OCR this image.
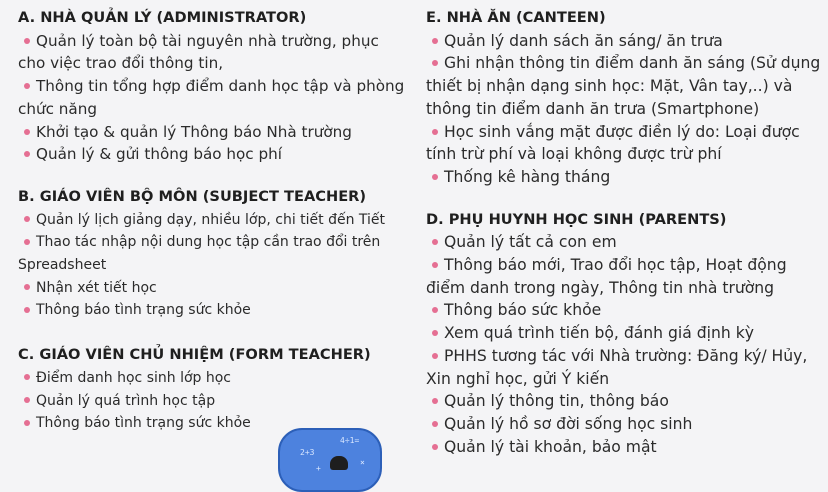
A. NHÀ QUẢN LÝ (ADMINISTRATOR)
Quản lý toàn bộ tài nguyên nhà trường, phục
cho việc trao đổi thông tin,
Thông tin tổng hợp điểm danh học tập và phòng
chức năng
Khởi tạo & quản lý Thông báo Nhà trường
Quản lý & gửi thông báo học phí
B. GIÁO VIÊN BỘ MÔN (SUBJECT TEACHER)
Quản lý lịch giảng dạy, nhiều lớp, chi tiết đến Tiết
Thao tác nhập nội dung học tập cần trao đổi trên
Spreadsheet
Nhận xét tiết học
Thông báo tình trạng sức khỏe
C. GIÁO VIÊN CHỦ NHIỆM (FORM TEACHER)
Điểm danh học sinh lớp học
Quản lý quá trình học tập
Thông báo tình trạng sức khỏe
E. NHÀ ĂN (CANTEEN)
Quản lý danh sách ăn sáng/ ăn trưa
Ghi nhận thông tin điểm danh ăn sáng (Sử dụng
thiết bị nhận dạng sinh học: Mặt, Vân tay,..) và
thông tin điểm danh ăn trưa (Smartphone)
Học sinh vắng mặt được điền lý do: Loại được
tính trừ phí và loại không được trừ phí
Thống kê hàng tháng
D. PHỤ HUYNH HỌC SINH (PARENTS)
Quản lý tất cả con em
Thông báo mới, Trao đổi học tập, Hoạt động
điểm danh trong ngày, Thông tin nhà trường
Thông báo sức khỏe
Xem quá trình tiến bộ, đánh giá định kỳ
PHHS tương tác với Nhà trường: Đăng ký/ Hủy,
Xin nghỉ học, gửi Ý kiến
Quản lý thông tin, thông báo
Quản lý hồ sơ đời sống học sinh
Quản lý tài khoản, bảo mật
2+3
4÷1=
+
×
